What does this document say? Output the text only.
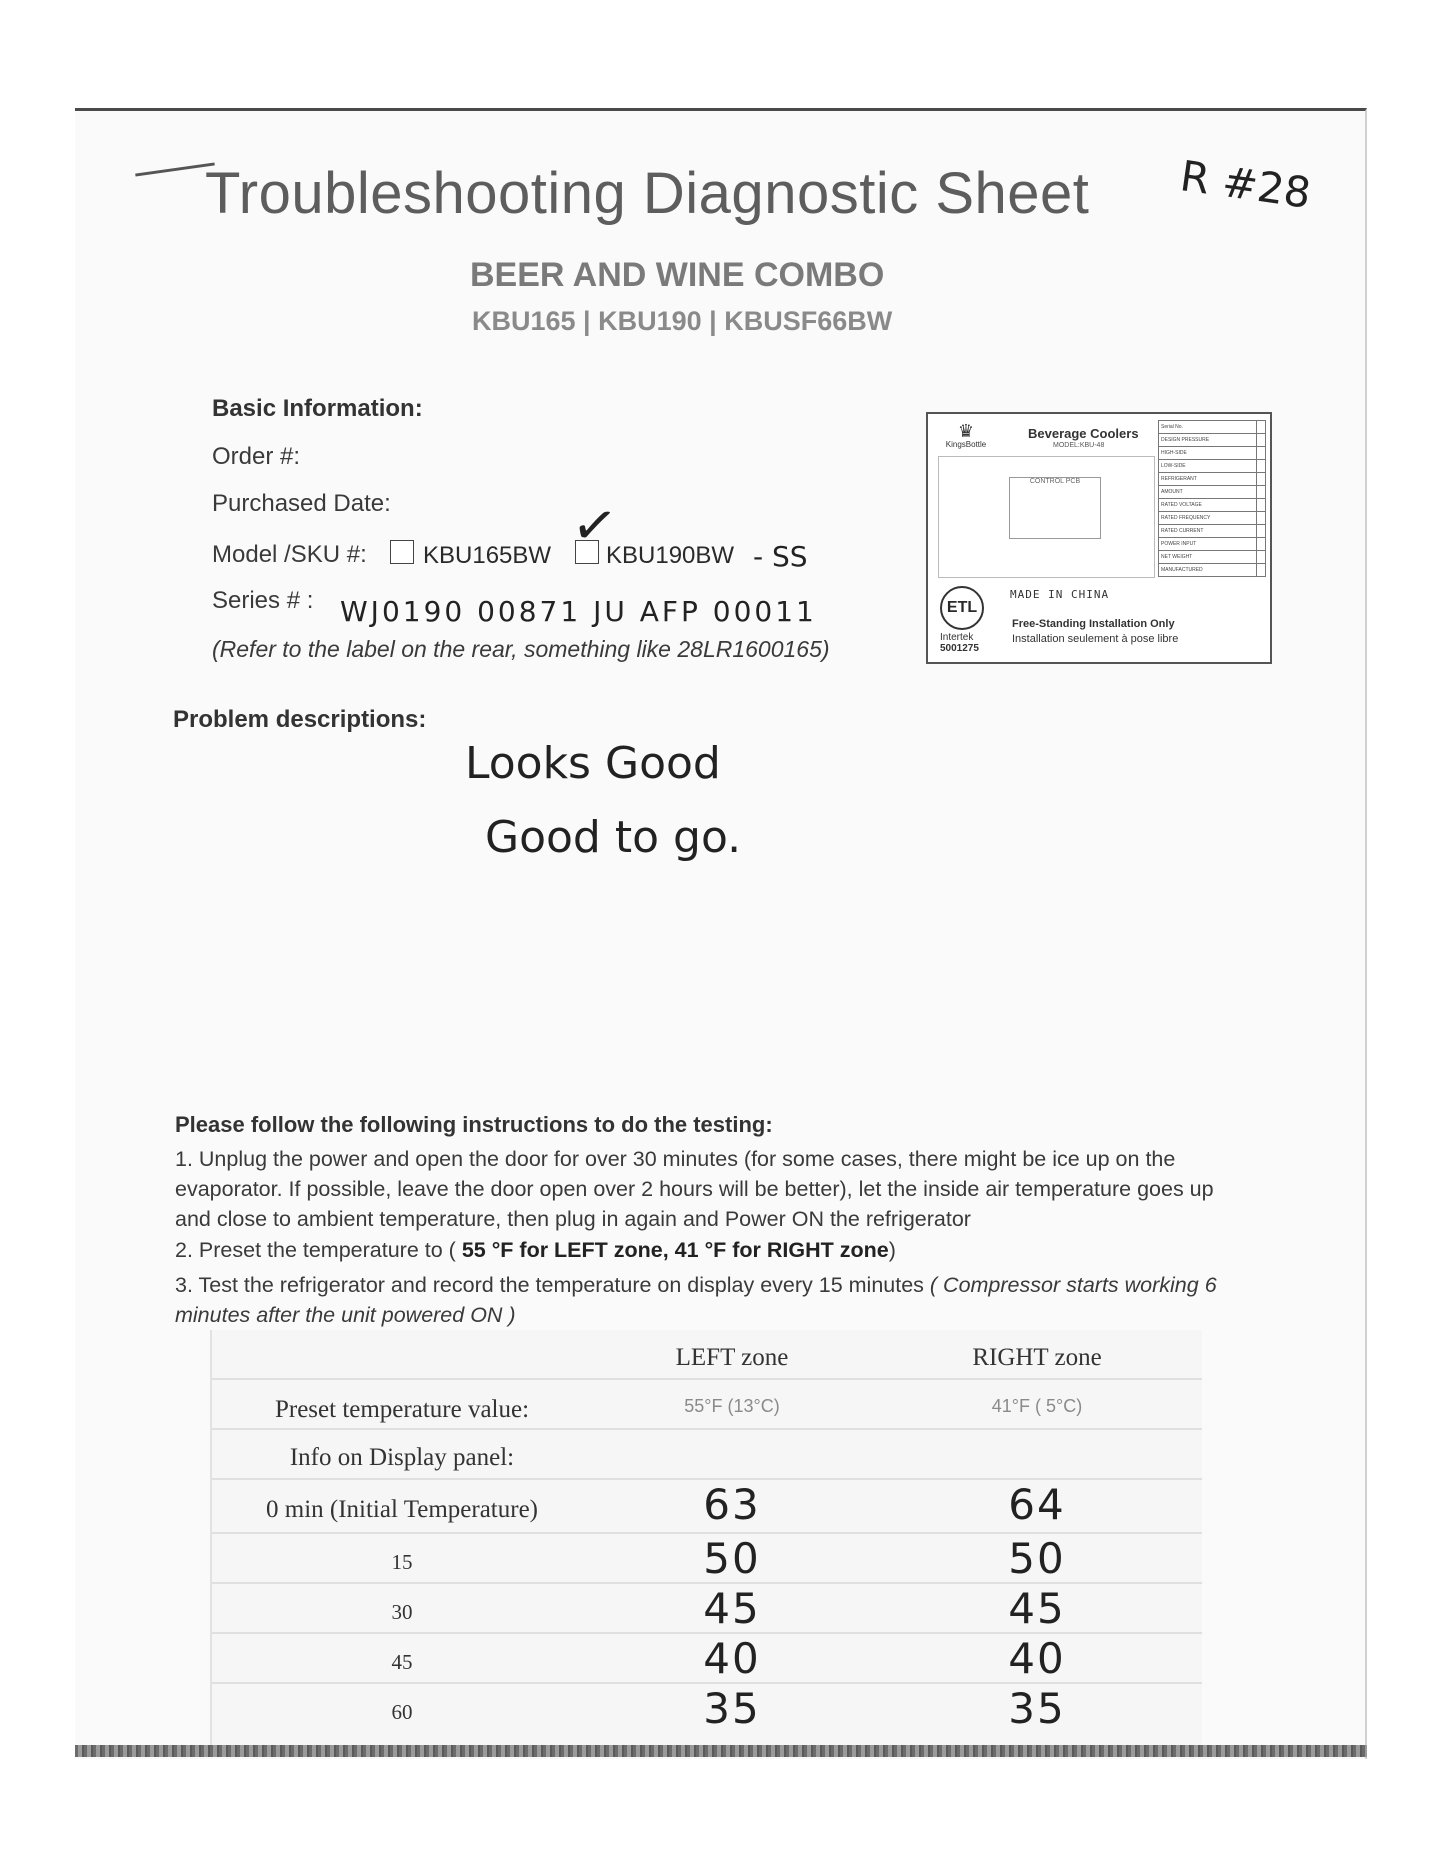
Troubleshooting Diagnostic Sheet R #28
BEER AND WINE COMBO
KBU165 | KBU190 | KBUSF66BW
Basic Information:
Order #:
Purchased Date:
Model /SKU #: KBU165BW ✓
KBU190BW - SS
Series # : WJ0190 00871 JU AFP 00011
(Refer to the label on the rear, something like 28LR1600165)
♛
KingsBottle
Beverage Coolers
MODEL:KBU-48
CONTROL PCB
Serial No.	
DESIGN PRESSURE	
HIGH-SIDE	
LOW-SIDE	
REFRIGERANT	
AMOUNT	
RATED VOLTAGE	
RATED FREQUENCY	
RATED CURRENT	
POWER INPUT	
NET WEIGHT	
MANUFACTURED	
ETL
MADE IN CHINA
Intertek
5001275
Free-Standing Installation Only
Installation seulement à pose libre
Problem descriptions:
Looks Good
Good to go.
Please follow the following instructions to do the testing:
1. Unplug the power and open the door for over 30 minutes (for some cases, there might be ice up on the evaporator. If possible, leave the door open over 2 hours will be better), let the inside air temperature goes up and close to ambient temperature, then plug in again and Power ON the refrigerator
2. Preset the temperature to ( 55 °F for LEFT zone, 41 °F for RIGHT zone)
3. Test the refrigerator and record the temperature on display every 15 minutes ( Compressor starts working 6 minutes after the unit powered ON )
LEFT zone	RIGHT zone
Preset temperature value:	55°F (13°C)	41°F ( 5°C)
Info on Display panel:
0 min (Initial Temperature)	63	64
15	50	50
30	45	45
45	40	40
60	35	35
